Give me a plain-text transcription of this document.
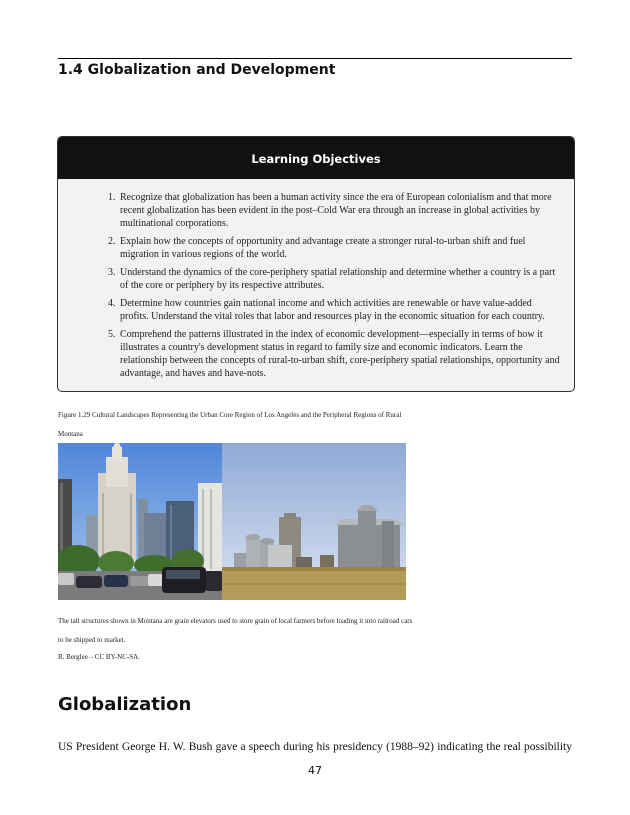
1.4 Globalization and Development
Learning Objectives
1. Recognize that globalization has been a human activity since the era of European colonialism and that more recent globalization has been evident in the post–Cold War era through an increase in global activities by multinational corporations.
2. Explain how the concepts of opportunity and advantage create a stronger rural-to-urban shift and fuel migration in various regions of the world.
3. Understand the dynamics of the core-periphery spatial relationship and determine whether a country is a part of the core or periphery by its respective attributes.
4. Determine how countries gain national income and which activities are renewable or have value-added profits. Understand the vital roles that labor and resources play in the economic situation for each country.
5. Comprehend the patterns illustrated in the index of economic development—especially in terms of how it illustrates a country's development status in regard to family size and economic indicators. Learn the relationship between the concepts of rural-to-urban shift, core-periphery spatial relationships, opportunity and advantage, and haves and have-nots.
Figure 1.29 Cultural Landscapes Representing the Urban Core Region of Los Angeles and the Peripheral Regions of Rural Montana
The tall structures shown in Montana are grain elevators used to store grain of local farmers before loading it into railroad cars to be shipped to market.
R. Berglee – CC BY-NC-SA.
Globalization

US President George H. W. Bush gave a speech during his presidency (1988–92) indicating the real possibility

47
